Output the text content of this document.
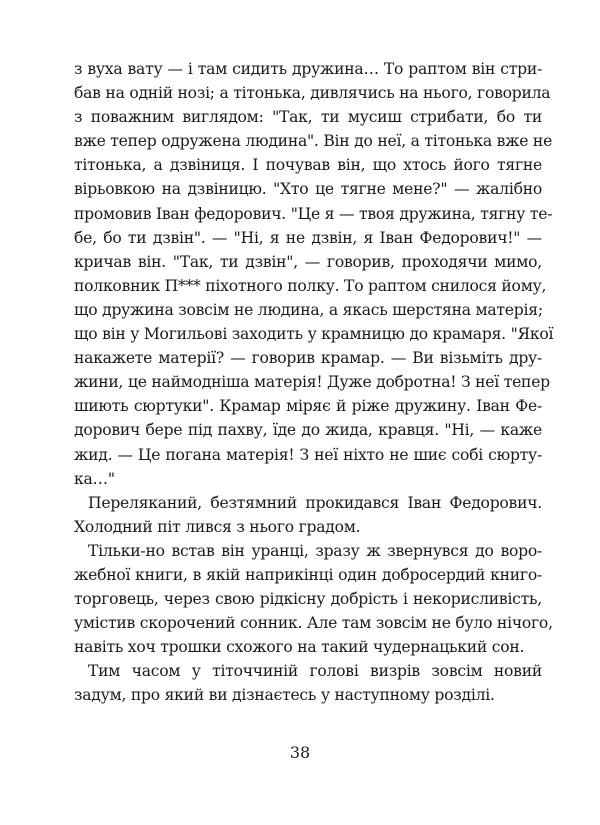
з вуха вату — і там сидить дружина… То раптом він стри-
бав на одній нозі; а тітонька, дивлячись на нього, говорила
з поважним виглядом: "Так, ти мусиш стрибати, бо ти
вже тепер одружена людина". Він до неї, а тітонька вже не
тітонька, а дзвіниця. І почував він, що хтось його тягне
вірьовкою на дзвіницю. "Хто це тягне мене?" — жалібно
промовив Іван федорович. "Це я — твоя дружина, тягну те-
бе, бо ти дзвін". — "Ні, я не дзвін, я Іван Федорович!" —
кричав він. "Так, ти дзвін", — говорив, проходячи мимо,
полковник П*** піхотного полку. То раптом снилося йому,
що дружина зовсім не людина, а якась шерстяна матерія;
що він у Могильові заходить у крамницю до крамаря. "Якої
накажете матерії? — говорив крамар. — Ви візьміть дру-
жини, це наймодніша матерія! Дуже добротна! З неї тепер
шиють сюртуки". Крамар міряє й ріже дружину. Іван Фе-
дорович бере під пахву, їде до жида, кравця. "Ні, — каже
жид. — Це погана матерія! З неї ніхто не шиє собі сюрту-
ка…"
Переляканий, безтямний прокидався Іван Федорович.
Холодний піт лився з нього градом.
Тільки-но встав він уранці, зразу ж звернувся до воро-
жебної книги, в якій наприкінці один добросердий книго-
торговець, через свою рідкісну добрість і некорисливість,
умістив скорочений сонник. Але там зовсім не було нічого,
навіть хоч трошки схожого на такий чудернацький сон.
Тим часом у тіточчиній голові визрів зовсім новий
задум, про який ви дізнаєтесь у наступному розділі.
38
